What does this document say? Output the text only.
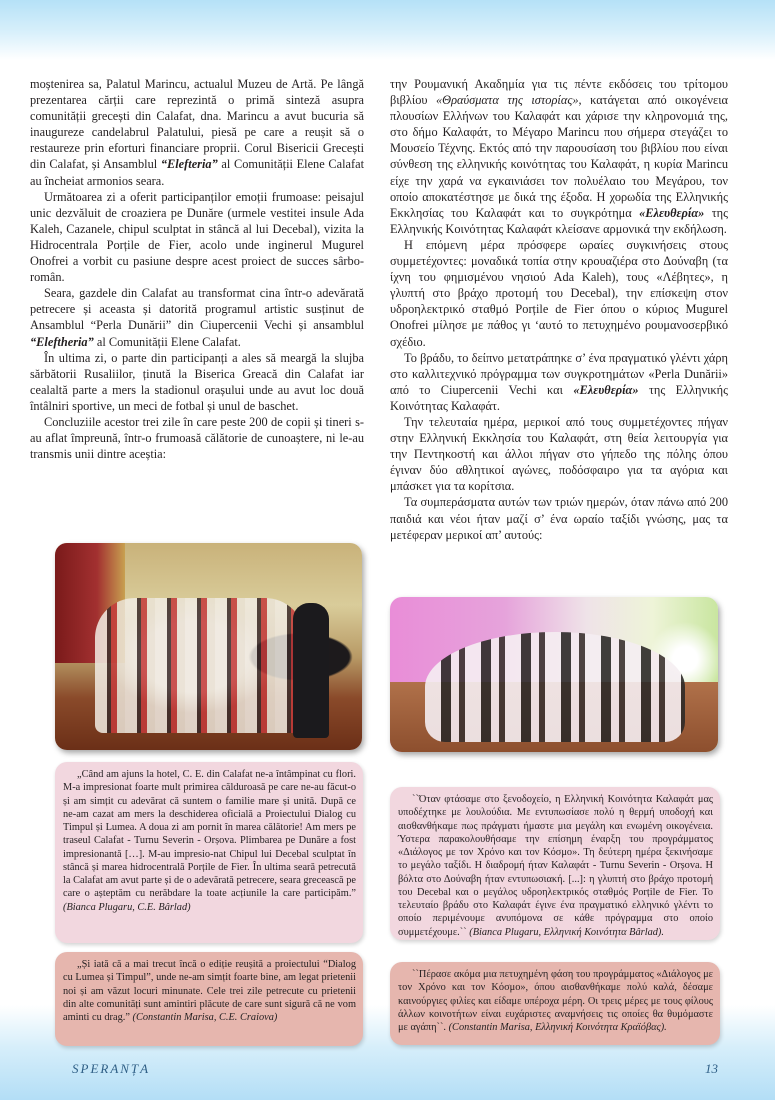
moștenirea sa, Palatul Marincu, actualul Muzeu de Artă. Pe lângă prezentarea cărții care reprezintă o primă sinteză asupra comunității grecești din Calafat, dna. Marincu a avut bucuria să inaugureze candelabrul Palatului, piesă pe care a reușit să o restaureze prin eforturi financiare proprii. Corul Bisericii Grecești din Calafat, și Ansamblul “Elefteria” al Comunității Elene Calafat au încheiat armonios seara.

Următoarea zi a oferit participanților emoții frumoase: peisajul unic dezvăluit de croaziera pe Dunăre (urmele vestitei insule Ada Kaleh, Cazanele, chipul sculptat in stâncă al lui Decebal), vizita la Hidrocentrala Porțile de Fier, acolo unde inginerul Mugurel Onofrei a vorbit cu pasiune despre acest proiect de succes sârbo-român.

Seara, gazdele din Calafat au transformat cina într-o adevărată petrecere și aceasta și datorită programul artistic susținut de Ansamblul “Perla Dunării” din Ciupercenii Vechi și ansamblul “Eleftheria” al Comunității Elene Calafat.

În ultima zi, o parte din participanți a ales să meargă la slujba sărbătorii Rusaliilor, ținută la Biserica Greacă din Calafat iar cealaltă parte a mers la stadionul orașului unde au avut loc două întâlniri sportive, un meci de fotbal și unul de baschet.

Concluziile acestor trei zile în care peste 200 de copii și tineri s-au aflat împreună, într-o frumoasă călătorie de cunoaștere, ni le-au transmis unii dintre aceștia:

την Ρουμανική Ακαδημία για τις πέντε εκδόσεις του τρίτομου βιβλίου «Θραύσματα της ιστορίας», κατάγεται από οικογένεια πλουσίων Ελλήνων του Καλαφάτ και χάρισε την κληρονομιά της, στο δήμο Καλαφάτ, το Μέγαρο Marincu που σήμερα στεγάζει το Μουσείο Τέχνης. Εκτός από την παρουσίαση του βιβλίου που είναι σύνθεση της ελληνικής κοινότητας του Καλαφάτ, η κυρία Marincu είχε την χαρά να εγκαινιάσει τον πολυέλαιο του Μεγάρου, τον οποίο αποκατέστησε με δικά της έξοδα. Η χορωδία της Ελληνικής Εκκλησίας του Καλαφάτ και το συγκρότημα «Ελευθερία» της Ελληνικής Κοινότητας Καλαφάτ κλείσανε αρμονικά την εκδήλωση.

Η επόμενη μέρα πρόσφερε ωραίες συγκινήσεις στους συμμετέχοντες: μοναδικά τοπία στην κρουαζιέρα στο Δούναβη (τα ίχνη του φημισμένου νησιού Ada Kaleh), τους «Λέβητες», η γλυπτή στο βράχο προτομή του Decebal), την επίσκεψη στον υδροηλεκτρικό σταθμό Porțile de Fier όπου ο κύριος Mugurel Onofrei μίλησε με πάθος γι ‘αυτό το πετυχημένο ρουμανοσερβικό σχέδιο.

Το βράδυ, το δείπνο μετατράπηκε σ’ ένα πραγματικό γλέντι χάρη στο καλλιτεχνικό πρόγραμμα των συγκροτημάτων «Perla Dunării» από το Ciupercenii Vechi και «Ελευθερία» της Ελληνικής Κοινότητας Καλαφάτ.

Την τελευταία ημέρα, μερικοί από τους συμμετέχοντες πήγαν στην Ελληνική Εκκλησία του Καλαφάτ, στη θεία λειτουργία για την Πεντηκοστή και άλλοι πήγαν στο γήπεδο της πόλης όπου έγιναν δύο αθλητικοί αγώνες, ποδόσφαιρο για τα αγόρια και μπάσκετ για τα κορίτσια.

Τα συμπεράσματα αυτών των τριών ημερών, όταν πάνω από 200 παιδιά και νέοι ήταν μαζί σ’ ένα ωραίο ταξίδι γνώσης, μας τα μετέφεραν μερικοί απ’ αυτούς:

„Când am ajuns la hotel, C. E. din Calafat ne-a întâmpinat cu flori. M-a impresionat foarte mult primirea călduroasă pe care ne-au făcut-o și am simțit cu adevărat că suntem o familie mare și unită. După ce ne-am cazat am mers la deschiderea oficială a Proiectului Dialog cu Timpul și Lumea. A doua zi am pornit în marea călătorie! Am mers pe traseul Calafat - Turnu Severin - Orșova. Plimbarea pe Dunăre a fost impresionantă […]. M-au impresio-nat Chipul lui Decebal sculptat în stâncă și marea hidrocentrală Porțile de Fier. În ultima seară petrecută la Calafat am avut parte și de o adevărată petrecere, seara grecească pe care o așteptăm cu nerăbdare la toate acțiunile la care participăm.” (Bianca Plugaru, C.E. Bârlad)

„Și iată că a mai trecut încă o ediție reușită a proiectului “Dialog cu Lumea și Timpul”, unde ne-am simțit foarte bine, am legat prietenii noi și am văzut locuri minunate. Cele trei zile petrecute cu prietenii din alte comunități sunt amintiri plăcute de care sunt sigură că ne vom aminti cu drag.” (Constantin Marisa, C.E. Craiova)

``Όταν φτάσαμε στο ξενοδοχείο, η Ελληνική Κοινότητα Καλαφάτ μας υποδέχτηκε με λουλούδια. Με εντυπωσίασε πολύ η θερμή υποδοχή και αισθανθήκαμε πως πράγματι ήμαστε μια μεγάλη και ενωμένη οικογένεια. Ύστερα παρακολουθήσαμε την επίσημη έναρξη του προγράμματος «Διάλογος με τον Χρόνο και τον Κόσμο». Τη δεύτερη ημέρα ξεκινήσαμε το μεγάλο ταξίδι. Η διαδρομή ήταν Καλαφάτ - Turnu Severin - Orșova. Η βόλτα στο Δούναβη ήταν εντυπωσιακή. [...]: η γλυπτή στο βράχο προτομή του Decebal και ο μεγάλος υδροηλεκτρικός σταθμός Porțile de Fier. Το τελευταίο βράδυ στο Καλαφάτ έγινε ένα πραγματικό ελληνικό γλέντι το οποίο περιμένουμε ανυπόμονα σε κάθε πρόγραμμα στο οποίο συμμετέχουμε.`` (Bianca Plugaru, Ελληνική Κοινότητα Bârlad).

``Πέρασε ακόμα μια πετυχημένη φάση του προγράμματος «Διάλογος με τον Χρόνο και τον Κόσμο», όπου αισθανθήκαμε πολύ καλά, δέσαμε καινούργιες φιλίες και είδαμε υπέροχα μέρη. Οι τρεις μέρες με τους φίλους άλλων κοινοτήτων είναι ευχάριστες αναμνήσεις τις οποίες θα θυμόμαστε με αγάπη``. (Constantin Marisa, Ελληνική Κοινότητα Κραϊόβας).

SPERANȚA	13
